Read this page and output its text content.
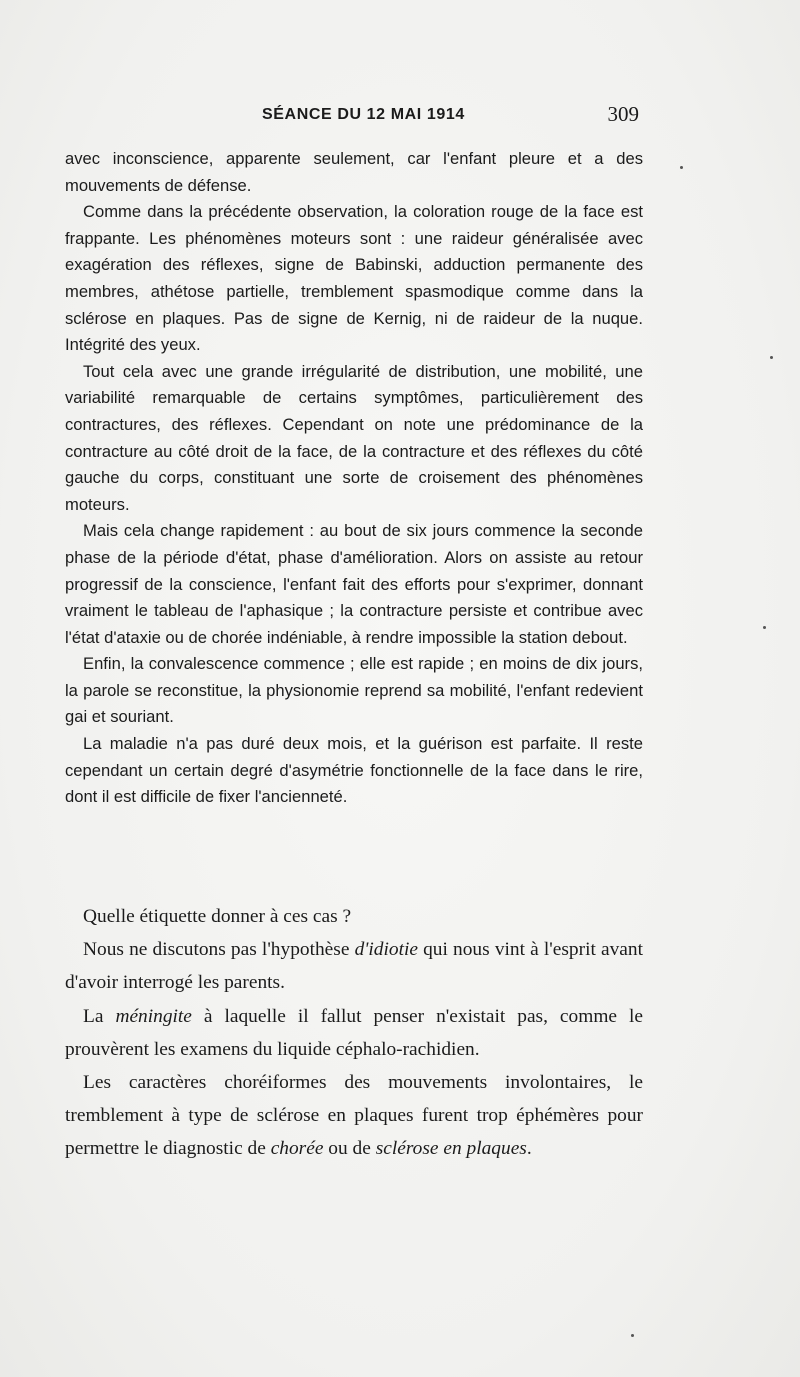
SÉANCE DU 12 MAI 1914	309

avec inconscience, apparente seulement, car l'enfant pleure et a des mouvements de défense.

Comme dans la précédente observation, la coloration rouge de la face est frappante. Les phénomènes moteurs sont : une raideur généralisée avec exagération des réflexes, signe de Babinski, adduction permanente des membres, athétose partielle, tremblement spasmodique comme dans la sclérose en plaques. Pas de signe de Kernig, ni de raideur de la nuque. Intégrité des yeux.

Tout cela avec une grande irrégularité de distribution, une mobilité, une variabilité remarquable de certains symptômes, particulièrement des contractures, des réflexes. Cependant on note une prédominance de la contracture au côté droit de la face, de la contracture et des réflexes du côté gauche du corps, constituant une sorte de croisement des phénomènes moteurs.

Mais cela change rapidement : au bout de six jours commence la seconde phase de la période d'état, phase d'amélioration. Alors on assiste au retour progressif de la conscience, l'enfant fait des efforts pour s'exprimer, donnant vraiment le tableau de l'aphasique ; la contracture persiste et contribue avec l'état d'ataxie ou de chorée indéniable, à rendre impossible la station debout.

Enfin, la convalescence commence ; elle est rapide ; en moins de dix jours, la parole se reconstitue, la physionomie reprend sa mobilité, l'enfant redevient gai et souriant.

La maladie n'a pas duré deux mois, et la guérison est parfaite. Il reste cependant un certain degré d'asymétrie fonctionnelle de la face dans le rire, dont il est difficile de fixer l'ancienneté.

Quelle étiquette donner à ces cas ?

Nous ne discutons pas l'hypothèse d'idiotie qui nous vint à l'esprit avant d'avoir interrogé les parents.

La méningite à laquelle il fallut penser n'existait pas, comme le prouvèrent les examens du liquide céphalo-rachidien.

Les caractères choréiformes des mouvements involontaires, le tremblement à type de sclérose en plaques furent trop éphémères pour permettre le diagnostic de chorée ou de sclérose en plaques.
